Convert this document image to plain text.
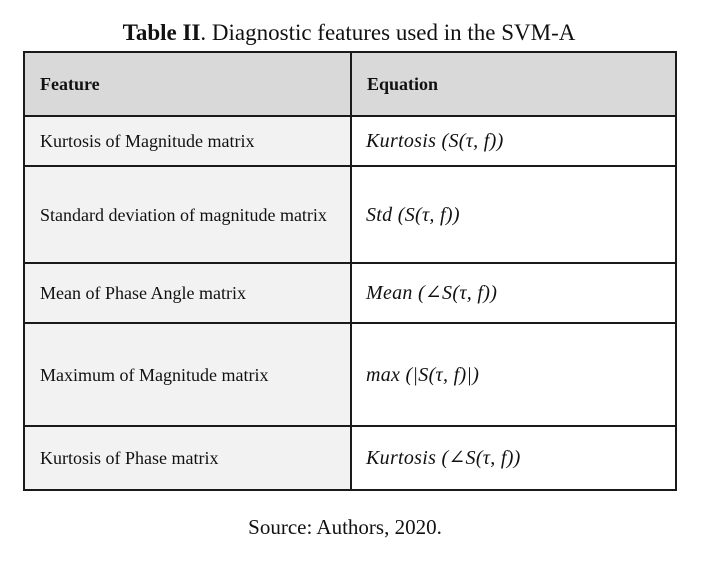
Table II. Diagnostic features used in the SVM-A
Feature	Equation
Kurtosis of Magnitude matrix	Kurtosis (S(τ, f))
Standard deviation of magnitude matrix	Std (S(τ, f))
Mean of Phase Angle matrix	Mean (∠S(τ, f))
Maximum of Magnitude matrix	max (|S(τ, f)|)
Kurtosis of Phase matrix	Kurtosis (∠S(τ, f))
Source: Authors, 2020.
